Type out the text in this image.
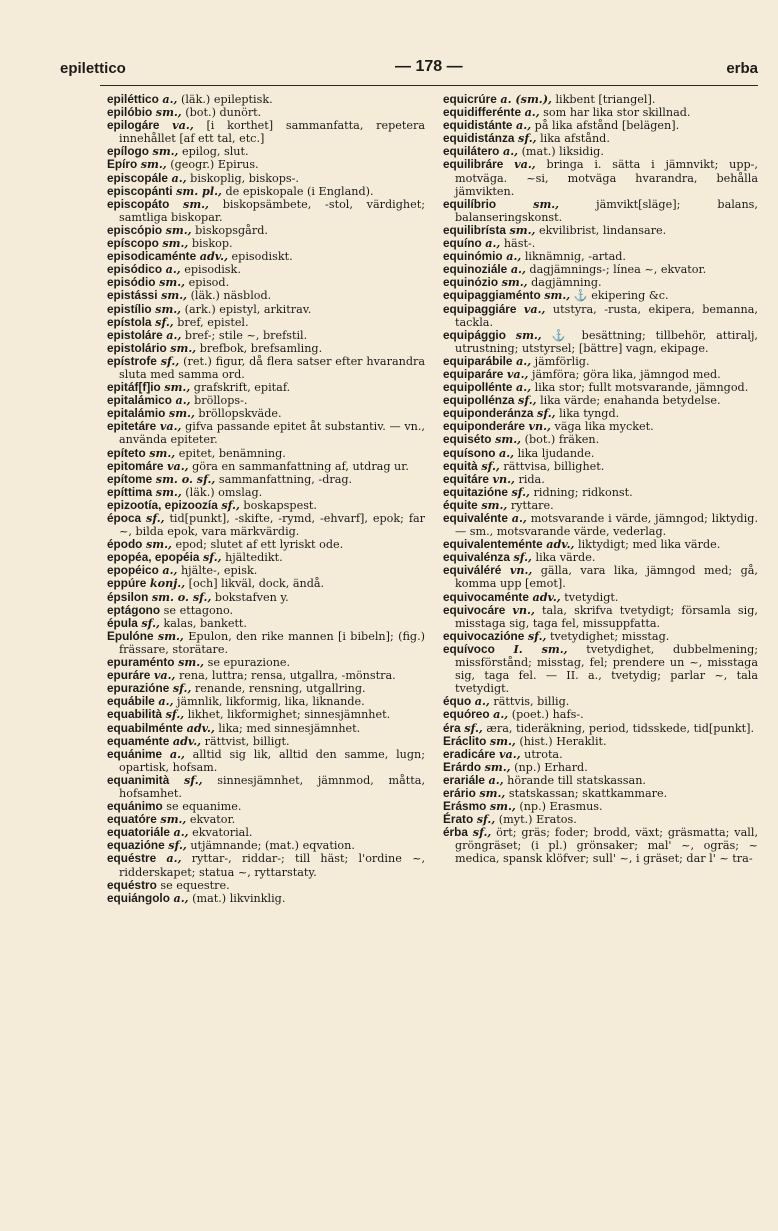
epilettico	— 178 —	erba
epiléttico a., (läk.) epileptisk.
epilóbio sm., (bot.) dunört.
epilogáre va., [i korthet] sammanfatta, repetera innehållet [af ett tal, etc.]
epílogo sm., epilog, slut.
Epíro sm., (geogr.) Epirus.
episcopále a., biskoplig, biskops-.
episcopánti sm. pl., de episkopale (i England).
episcopáto sm., biskopsämbete, -stol, värdighet; samtliga biskopar.
episcópio sm., biskopsgård.
epíscopo sm., biskop.
episodicaménte adv., episodiskt.
episódico a., episodisk.
episódio sm., episod.
epistássi sm., (läk.) näsblod.
epistílio sm., (ark.) epistyl, arkitrav.
epístola sf., bref, epistel.
epistoláre a., bref-; stile ~, brefstil.
epistolário sm., brefbok, brefsamling.
epístrofe sf., (ret.) figur, då flera satser efter hvarandra sluta med samma ord.
epitáf[f]io sm., grafskrift, epitaf.
epitalámico a., bröllops-.
epitalámio sm., bröllopskväde.
epitetáre va., gifva passande epitet åt substantiv. — vn., använda epiteter.
epíteto sm., epitet, benämning.
epitomáre va., göra en sammanfattning af, utdrag ur.
epítome sm. o. sf., sammanfattning, -drag.
epíttima sm., (läk.) omslag.
epizootía, epizoozía sf., boskapspest.
época sf., tid[punkt], -skifte, -rymd, -ehvarf], epok; far ~, bilda epok, vara märkvärdig.
épodo sm., epod; slutet af ett lyriskt ode.
epopéa, epopéia sf., hjältedikt.
epopéico a., hjälte-, episk.
eppúre konj., [och] likväl, dock, ändå.
épsilon sm. o. sf., bokstafven y.
eptágono se ettagono.
épula sf., kalas, bankett.
Epulóne sm., Epulon, den rike mannen [i bibeln]; (fig.) frässare, storätare.
epuraménto sm., se epurazione.
epuráre va., rena, luttra; rensa, utgallra, -mönstra.
epurazióne sf., renande, rensning, utgallring.
equábile a., jämnlik, likformig, lika, liknande.
equabilità sf., likhet, likformighet; sinnesjämnhet.
equabilménte adv., lika; med sinnesjämnhet.
equaménte adv., rättvist, billigt.
equánime a., alltid sig lik, alltid den samme, lugn; opartisk, hofsam.
equanimità sf., sinnesjämnhet, jämnmod, måtta, hofsamhet.
equánimo se equanime.
equatóre sm., ekvator.
equatoriále a., ekvatorial.
equazióne sf., utjämnande; (mat.) eqvation.
equéstre a., ryttar-, riddar-; till häst; l'ordine ~, ridderskapet; statua ~, ryttarstaty.
equéstro se equestre.
equiángolo a., (mat.) likvinklig.
equicrúre a. (sm.), likbent [triangel].
equidifferénte a., som har lika stor skillnad.
equidistánte a., på lika afstånd [belägen].
equidistánza sf., lika afstånd.
equilátero a., (mat.) liksidig.
equilibráre va., bringa i. sätta i jämnvikt; upp-, motväga. ~si, motväga hvarandra, behålla jämvikten.
equilíbrio	sm.,	jämvikt[släge]; balans, balanseringskonst.
equilibrísta sm., ekvilibrist, lindansare.
equíno a., häst-.
equinómio a., liknämnig, -artad.
equinoziále a., dagjämnings-; línea ~, ekvator.
equinózio sm., dagjämning.
equipaggiaménto sm., ⚓ ekipering &c.
equipaggiáre va., utstyra, -rusta, ekipera, bemanna, tackla.
equipággio sm., ⚓ besättning; tillbehör, attiralj, utrustning; utstyrsel; [bättre] vagn, ekipage.
equiparábile a., jämförlig.
equiparáre va., jämföra; göra lika, jämngod med.
equipolIénte a., lika stor; fullt motsvarande, jämngod.
equipolIénza sf., lika värde; enahanda betydelse.
equiponderánza sf., lika tyngd.
equiponderáre vn., väga lika mycket.
equiséto sm., (bot.) fräken.
equísono a., lika ljudande.
equità sf., rättvisa, billighet.
equitáre vn., rida.
equitazióne sf., ridning; ridkonst.
équite sm., ryttare.
equivalénte a., motsvarande i värde, jämngod; liktydig. — sm., motsvarande värde, vederlag.
equivalenteménte adv., liktydigt; med lika värde.
equivalénza sf., lika värde.
equiváléré vn., gälla, vara lika, jämngod med; gå, komma upp [emot].
equivocaménte adv., tvetydigt.
equivocáre vn., tala, skrifva tvetydigt; församla sig, misstaga sig, taga fel, missuppfatta.
equivocazióne sf., tvetydighet; misstag.
equívoco I. sm., tvetydighet, dubbelmening; missförstånd; misstag, fel; prendere un ~, misstaga sig, taga fel. — II. a., tvetydig; parlar ~, tala tvetydigt.
équo a., rättvis, billig.
equóreo a., (poet.) hafs-.
éra sf., æra, tideräkning, period, tidsskede, tid[punkt].
Eráclito sm., (hist.) Heraklit.
eradicáre va., utrota.
Erárdo sm., (np.) Erhard.
erariále a., hörande till statskassan.
erário sm., statskassan; skattkammare.
Erásmo sm., (np.) Erasmus.
Érato sf., (myt.) Eratos.
érba sf., ört; gräs; foder; brodd, växt; gräsmatta; vall, gröngräset; (i pl.) grönsaker; mal' ~, ogräs; ~ medica, spansk klöfver; sull' ~, i gräset; dar l' ~ tra-
